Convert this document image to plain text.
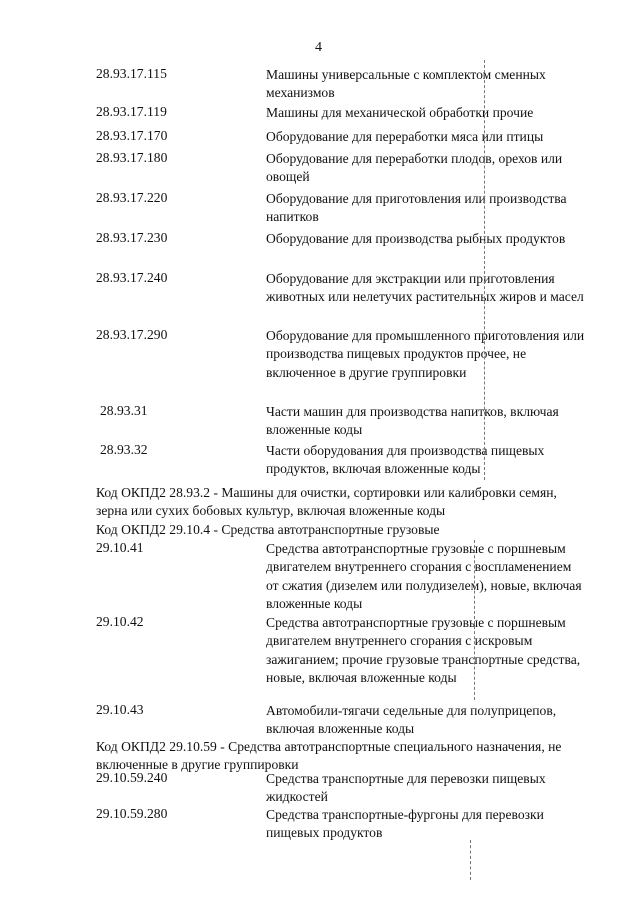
4
28.93.17.115	Машины универсальные с комплектом сменных механизмов
28.93.17.119	Машины для механической обработки прочие
28.93.17.170	Оборудование для переработки мяса или птицы
28.93.17.180	Оборудование для переработки плодов, орехов или овощей
28.93.17.220	Оборудование для приготовления или производства напитков
28.93.17.230	Оборудование для производства рыбных продуктов
28.93.17.240	Оборудование для экстракции или приготовления животных или нелетучих растительных жиров и масел
28.93.17.290	Оборудование для промышленного приготовления или производства пищевых продуктов прочее, не включенное в другие группировки
28.93.31	Части машин для производства напитков, включая вложенные коды
28.93.32	Части оборудования для производства пищевых продуктов, включая вложенные коды
Код ОКПД2 28.93.2 - Машины для очистки, сортировки или калибровки семян, зерна или сухих бобовых культур, включая вложенные коды
Код ОКПД2 29.10.4 - Средства автотранспортные грузовые
29.10.41	Средства автотранспортные грузовые с поршневым двигателем внутреннего сгорания с воспламенением от сжатия (дизелем или полудизелем), новые, включая вложенные коды
29.10.42	Средства автотранспортные грузовые с поршневым двигателем внутреннего сгорания с искровым зажиганием; прочие грузовые транспортные средства, новые, включая вложенные коды
29.10.43	Автомобили-тягачи седельные для полуприцепов, включая вложенные коды
Код ОКПД2 29.10.59 - Средства автотранспортные специального назначения, не включенные в другие группировки
29.10.59.240	Средства транспортные для перевозки пищевых жидкостей
29.10.59.280	Средства транспортные-фургоны для перевозки пищевых продуктов
